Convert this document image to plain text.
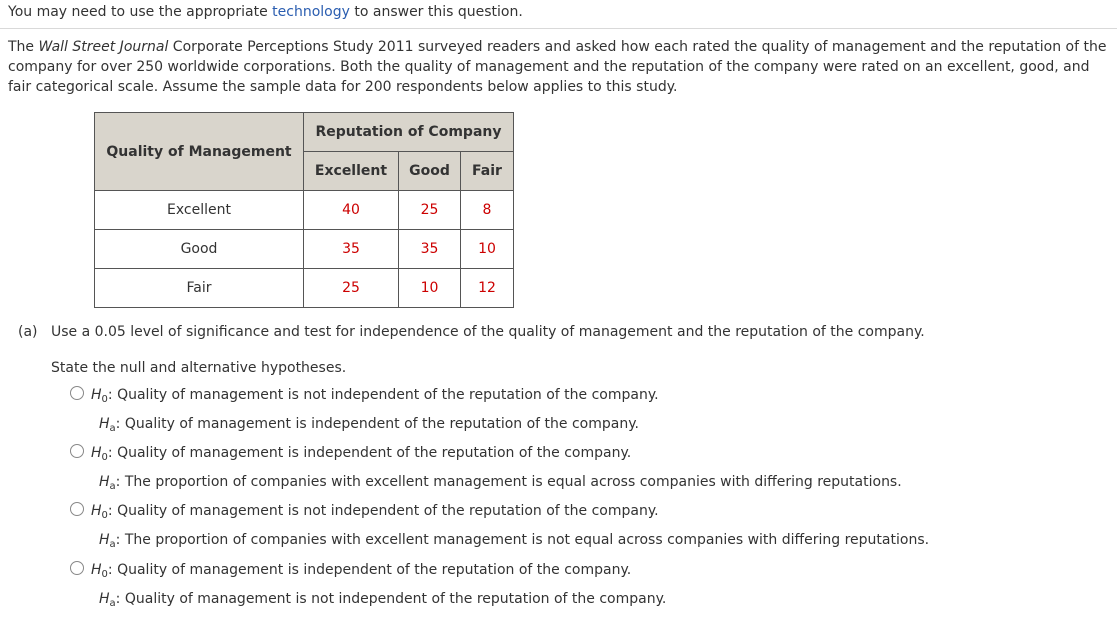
You may need to use the appropriate technology to answer this question.

The Wall Street Journal Corporate Perceptions Study 2011 surveyed readers and asked how each rated the quality of management and the reputation of the company for over 250 worldwide corporations. Both the quality of management and the reputation of the company were rated on an excellent, good, and fair categorical scale. Assume the sample data for 200 respondents below applies to this study.

Quality of Management	Reputation of Company		
	Excellent	Good	Fair
Excellent	40	25	8
Good	35	35	10
Fair	25	10	12

(a) Use a 0.05 level of significance and test for independence of the quality of management and the reputation of the company.

State the null and alternative hypotheses.

$H_0$: Quality of management is not independent of the reputation of the company.
$H_a$: Quality of management is independent of the reputation of the company.
$H_0$: Quality of management is independent of the reputation of the company.
$H_a$: The proportion of companies with excellent management is equal across companies with differing reputations.
$H_0$: Quality of management is not independent of the reputation of the company.
$H_a$: The proportion of companies with excellent management is not equal across companies with differing reputations.
$H_0$: Quality of management is independent of the reputation of the company.
$H_a$: Quality of management is not independent of the reputation of the company.
